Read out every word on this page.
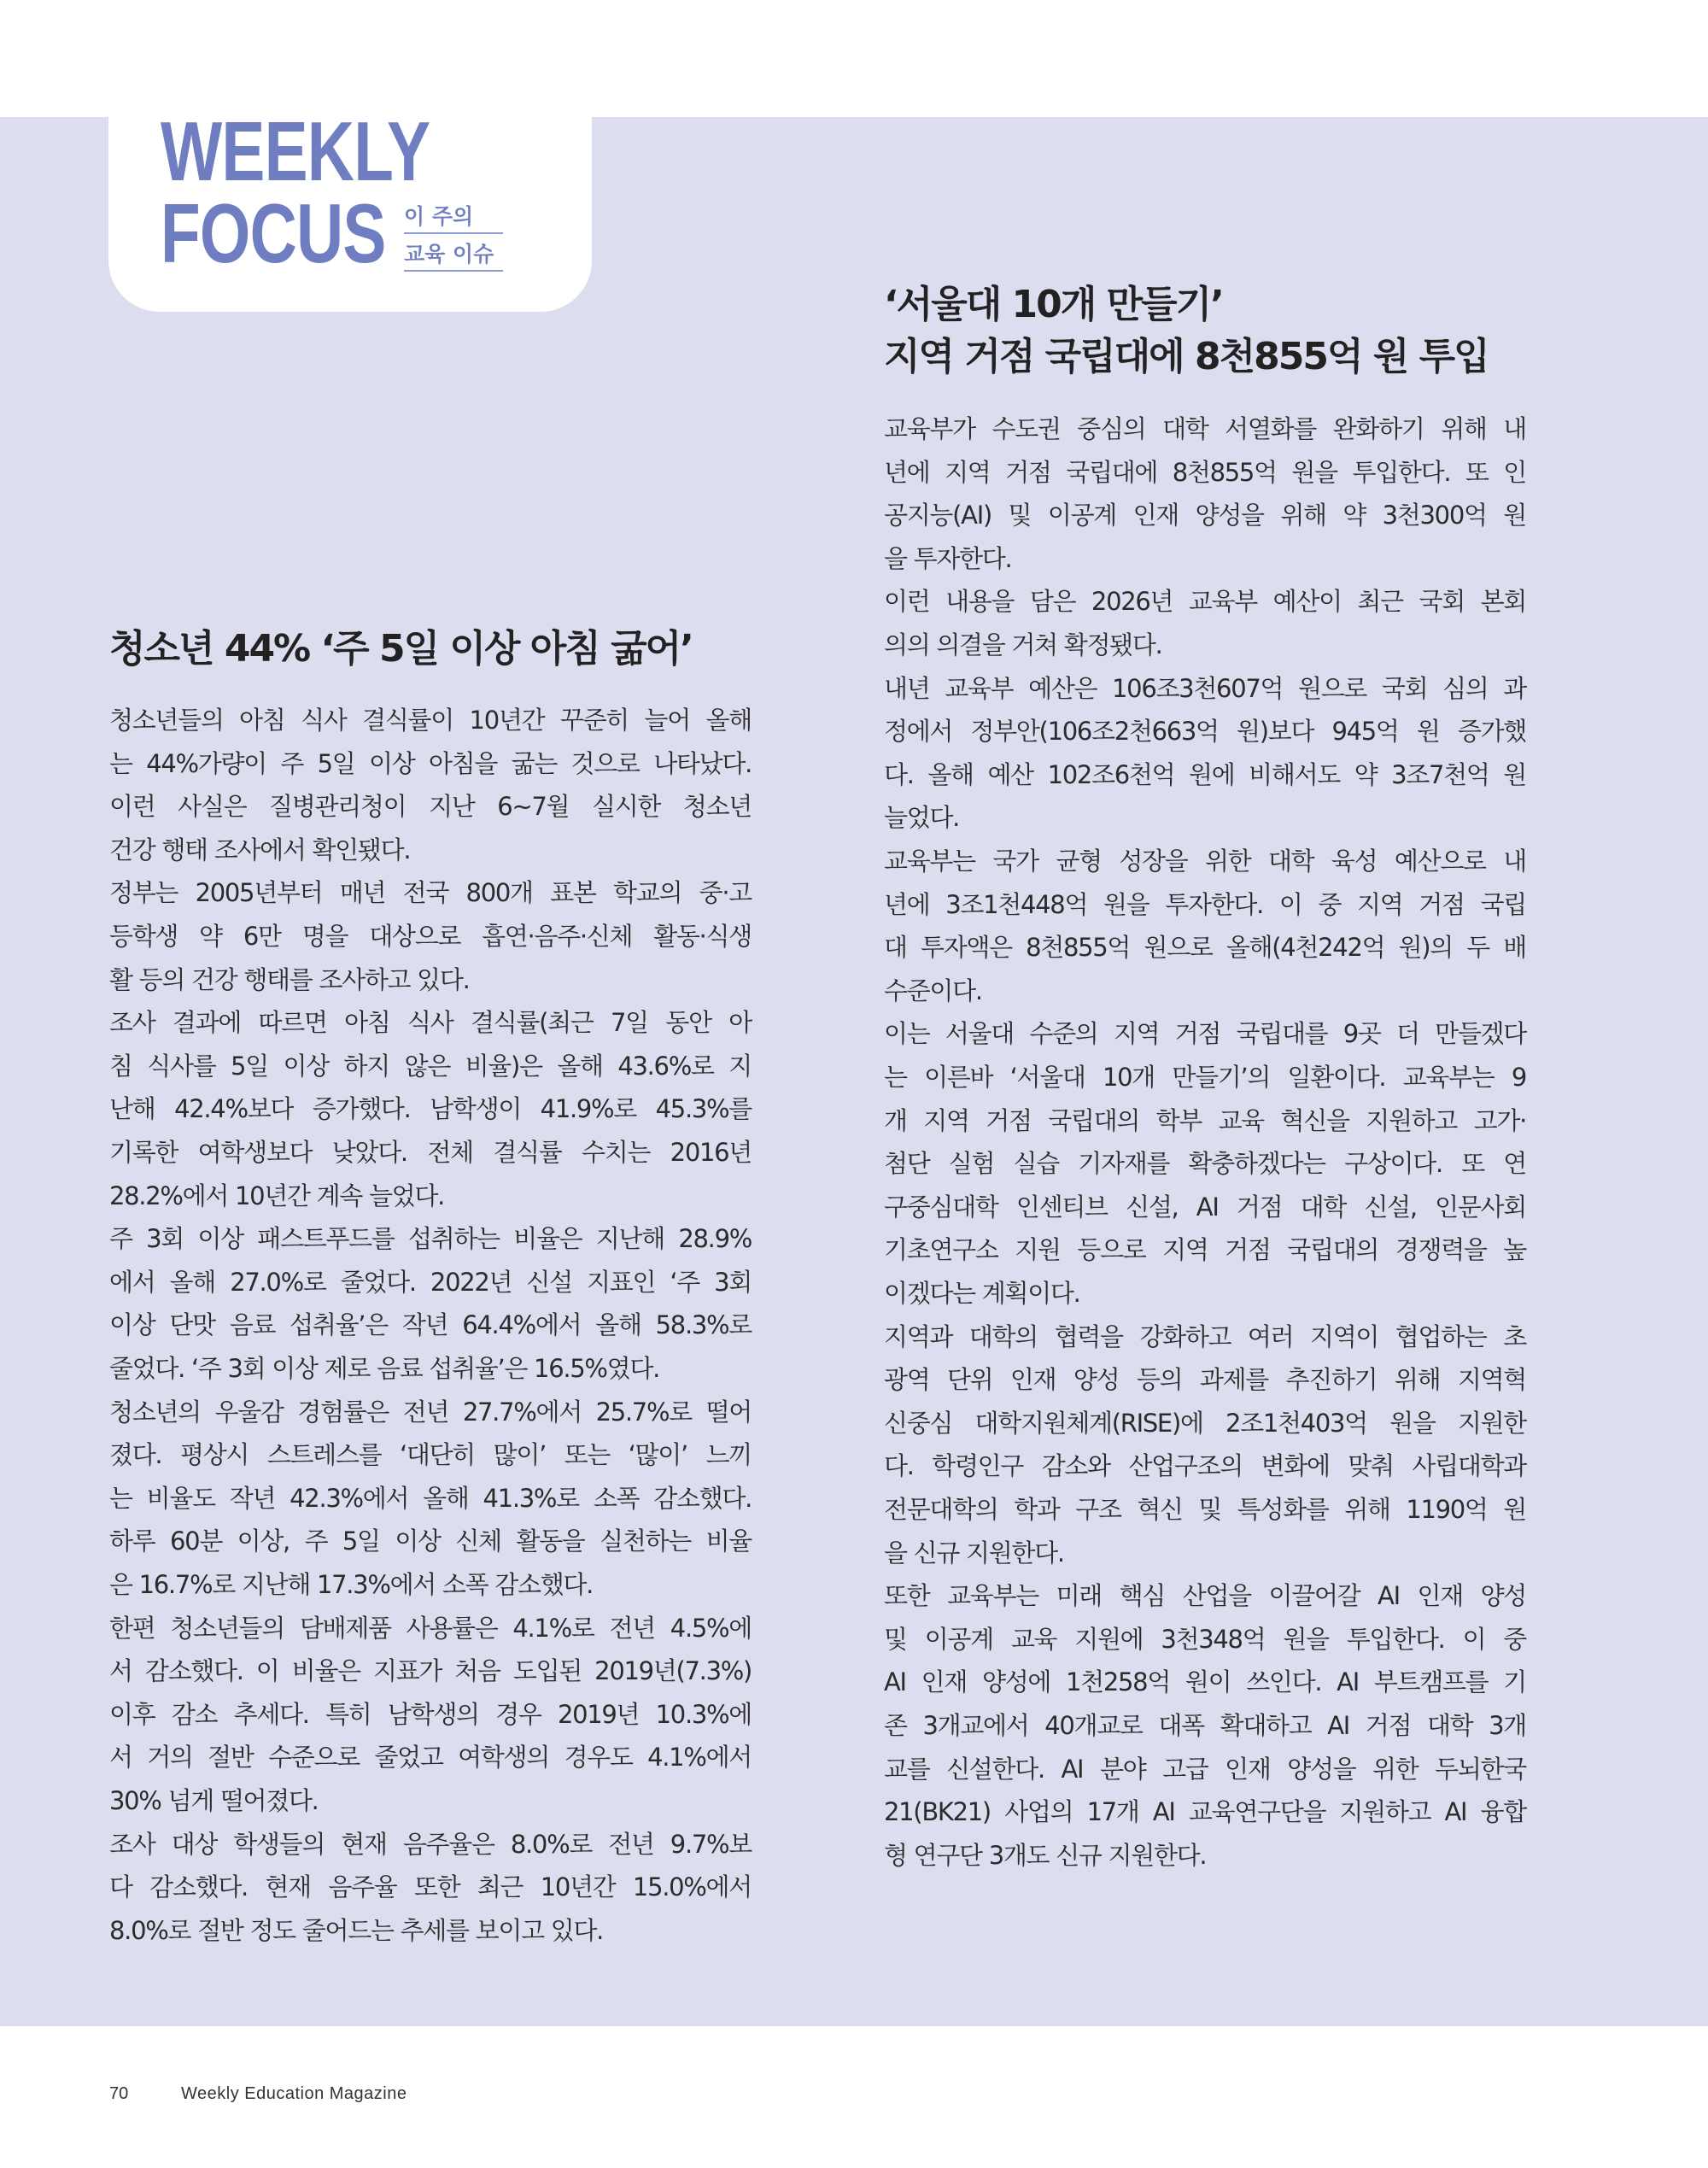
WEEKLY
FOCUS 이 주의
교육 이슈
청소년 44% ‘주 5일 이상 아침 굶어’
청소년들의 아침 식사 결식률이 10년간 꾸준히 늘어 올해
는 44%가량이 주 5일 이상 아침을 굶는 것으로 나타났다.
이런 사실은 질병관리청이 지난 6∼7월 실시한 청소년
건강 행태 조사에서 확인됐다.
정부는 2005년부터 매년 전국 800개 표본 학교의 중·고
등학생 약 6만 명을 대상으로 흡연·음주·신체 활동·식생
활 등의 건강 행태를 조사하고 있다.
조사 결과에 따르면 아침 식사 결식률(최근 7일 동안 아
침 식사를 5일 이상 하지 않은 비율)은 올해 43.6%로 지
난해 42.4%보다 증가했다. 남학생이 41.9%로 45.3%를
기록한 여학생보다 낮았다. 전체 결식률 수치는 2016년
28.2%에서 10년간 계속 늘었다.
주 3회 이상 패스트푸드를 섭취하는 비율은 지난해 28.9%
에서 올해 27.0%로 줄었다. 2022년 신설 지표인 ‘주 3회
이상 단맛 음료 섭취율’은 작년 64.4%에서 올해 58.3%로
줄었다. ‘주 3회 이상 제로 음료 섭취율’은 16.5%였다.
청소년의 우울감 경험률은 전년 27.7%에서 25.7%로 떨어
졌다. 평상시 스트레스를 ‘대단히 많이’ 또는 ‘많이’ 느끼
는 비율도 작년 42.3%에서 올해 41.3%로 소폭 감소했다.
하루 60분 이상, 주 5일 이상 신체 활동을 실천하는 비율
은 16.7%로 지난해 17.3%에서 소폭 감소했다.
한편 청소년들의 담배제품 사용률은 4.1%로 전년 4.5%에
서 감소했다. 이 비율은 지표가 처음 도입된 2019년(7.3%)
이후 감소 추세다. 특히 남학생의 경우 2019년 10.3%에
서 거의 절반 수준으로 줄었고 여학생의 경우도 4.1%에서
30% 넘게 떨어졌다.
조사 대상 학생들의 현재 음주율은 8.0%로 전년 9.7%보
다 감소했다. 현재 음주율 또한 최근 10년간 15.0%에서
8.0%로 절반 정도 줄어드는 추세를 보이고 있다.
‘서울대 10개 만들기’
지역 거점 국립대에 8천855억 원 투입
교육부가 수도권 중심의 대학 서열화를 완화하기 위해 내
년에 지역 거점 국립대에 8천855억 원을 투입한다. 또 인
공지능(AI) 및 이공계 인재 양성을 위해 약 3천300억 원
을 투자한다.
이런 내용을 담은 2026년 교육부 예산이 최근 국회 본회
의의 의결을 거쳐 확정됐다.
내년 교육부 예산은 106조3천607억 원으로 국회 심의 과
정에서 정부안(106조2천663억 원)보다 945억 원 증가했
다. 올해 예산 102조6천억 원에 비해서도 약 3조7천억 원
늘었다.
교육부는 국가 균형 성장을 위한 대학 육성 예산으로 내
년에 3조1천448억 원을 투자한다. 이 중 지역 거점 국립
대 투자액은 8천855억 원으로 올해(4천242억 원)의 두 배
수준이다.
이는 서울대 수준의 지역 거점 국립대를 9곳 더 만들겠다
는 이른바 ‘서울대 10개 만들기’의 일환이다. 교육부는 9
개 지역 거점 국립대의 학부 교육 혁신을 지원하고 고가·
첨단 실험 실습 기자재를 확충하겠다는 구상이다. 또 연
구중심대학 인센티브 신설, AI 거점 대학 신설, 인문사회
기초연구소 지원 등으로 지역 거점 국립대의 경쟁력을 높
이겠다는 계획이다.
지역과 대학의 협력을 강화하고 여러 지역이 협업하는 초
광역 단위 인재 양성 등의 과제를 추진하기 위해 지역혁
신중심 대학지원체계(RISE)에 2조1천403억 원을 지원한
다. 학령인구 감소와 산업구조의 변화에 맞춰 사립대학과
전문대학의 학과 구조 혁신 및 특성화를 위해 1190억 원
을 신규 지원한다.
또한 교육부는 미래 핵심 산업을 이끌어갈 AI 인재 양성
및 이공계 교육 지원에 3천348억 원을 투입한다. 이 중
AI 인재 양성에 1천258억 원이 쓰인다. AI 부트캠프를 기
존 3개교에서 40개교로 대폭 확대하고 AI 거점 대학 3개
교를 신설한다. AI 분야 고급 인재 양성을 위한 두뇌한국
21(BK21) 사업의 17개 AI 교육연구단을 지원하고 AI 융합
형 연구단 3개도 신규 지원한다.
70	Weekly Education Magazine
